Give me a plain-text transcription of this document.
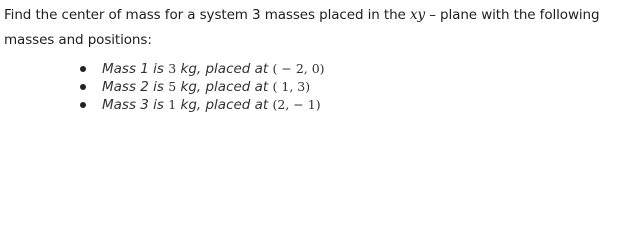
Find the center of mass for a system 3 masses placed in the xy – plane with the following masses and positions:
Mass 1 is 3 kg, placed at ( − 2, 0)
Mass 2 is 5 kg, placed at ( 1, 3)
Mass 3 is 1 kg, placed at (2, − 1)
